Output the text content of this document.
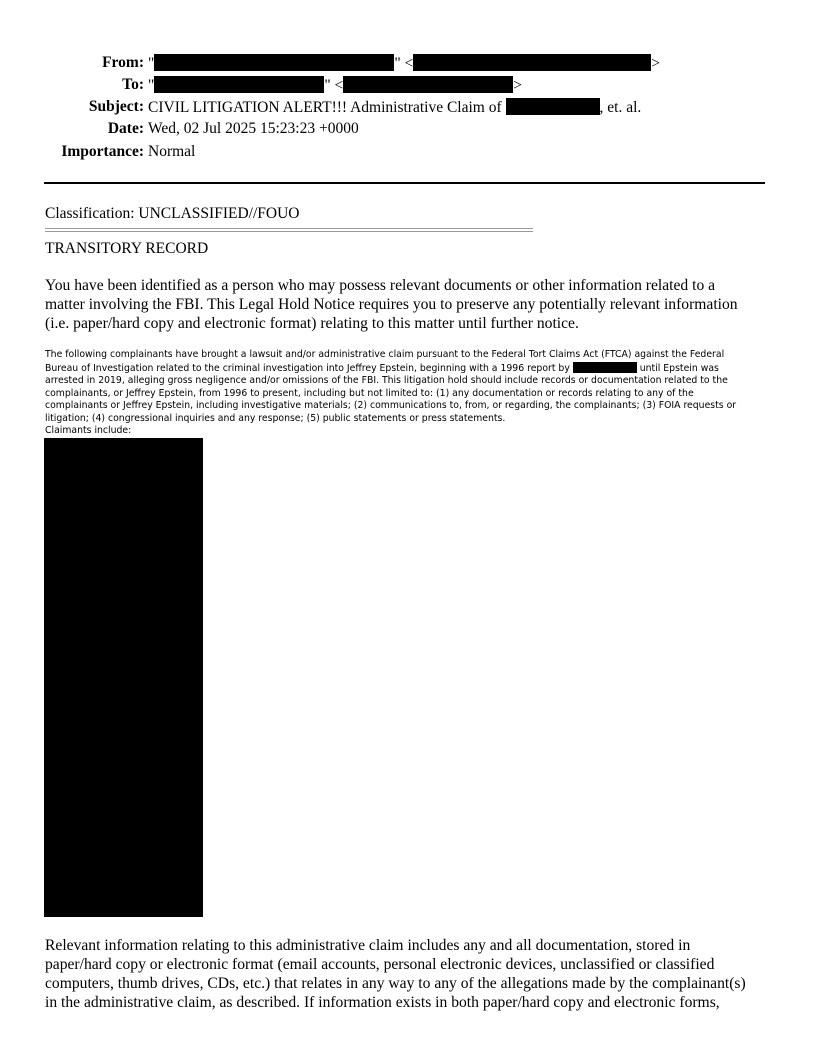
From: "	" <	>
To: "	" <	>
Subject: CIVIL LITIGATION ALERT!!! Administrative Claim of	, et. al.
Date: Wed, 02 Jul 2025 15:23:23 +0000
Importance: Normal
Classification: UNCLASSIFIED//FOUO
TRANSITORY RECORD
You have been identified as a person who may possess relevant documents or other information related to a
matter involving the FBI. This Legal Hold Notice requires you to preserve any potentially relevant information
(i.e. paper/hard copy and electronic format) relating to this matter until further notice.
The following complainants have brought a lawsuit and/or administrative claim pursuant to the Federal Tort Claims Act (FTCA) against the Federal
Bureau of Investigation related to the criminal investigation into Jeffrey Epstein, beginning with a 1996 report by	until Epstein was
arrested in 2019, alleging gross negligence and/or omissions of the FBI. This litigation hold should include records or documentation related to the
complainants, or Jeffrey Epstein, from 1996 to present, including but not limited to: (1) any documentation or records relating to any of the
complainants or Jeffrey Epstein, including investigative materials; (2) communications to, from, or regarding, the complainants; (3) FOIA requests or
litigation; (4) congressional inquiries and any response; (5) public statements or press statements.
Claimants include:
Relevant information relating to this administrative claim includes any and all documentation, stored in
paper/hard copy or electronic format (email accounts, personal electronic devices, unclassified or classified
computers, thumb drives, CDs, etc.) that relates in any way to any of the allegations made by the complainant(s)
in the administrative claim, as described. If information exists in both paper/hard copy and electronic forms,
